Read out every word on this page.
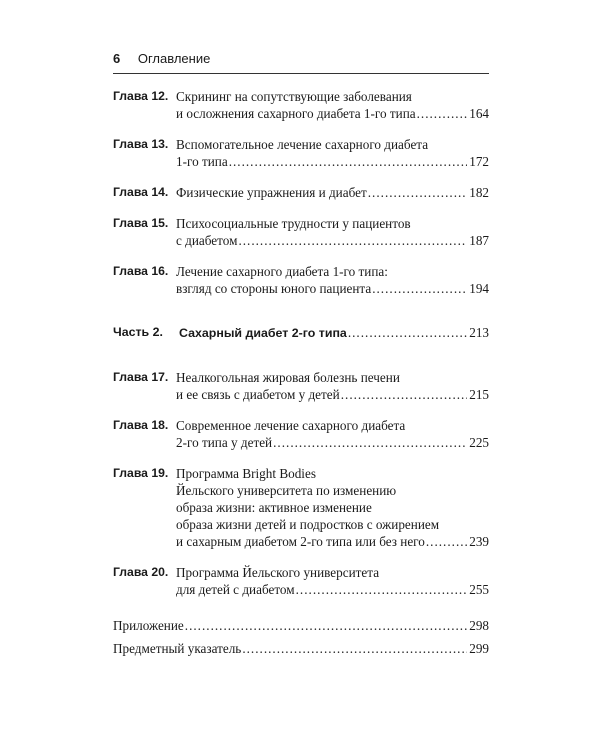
6 Оглавление
Глава 12. Скрининг на сопутствующие заболевания
и осложнения сахарного диабета 1-го типа .....	164
Глава 13. Вспомогательное лечение сахарного диабета
1-го типа .....	172
Глава 14. Физические упражнения и диабет .....	182
Глава 15. Психосоциальные трудности у пациентов
с диабетом .....	187
Глава 16. Лечение сахарного диабета 1-го типа:
взгляд со стороны юного пациента .....	194
Часть 2.	Сахарный диабет 2-го типа .....	213
Глава 17. Неалкогольная жировая болезнь печени
и ее связь с диабетом у детей .....	215
Глава 18. Современное лечение сахарного диабета
2-го типа у детей .....	225
Глава 19. Программа Bright Bodies
Йельского университета по изменению
образа жизни: активное изменение
образа жизни детей и подростков с ожирением
и сахарным диабетом 2-го типа или без него .....	239
Глава 20. Программа Йельского университета
для детей с диабетом .....	255
Приложение .....	298
Предметный указатель .....	299
